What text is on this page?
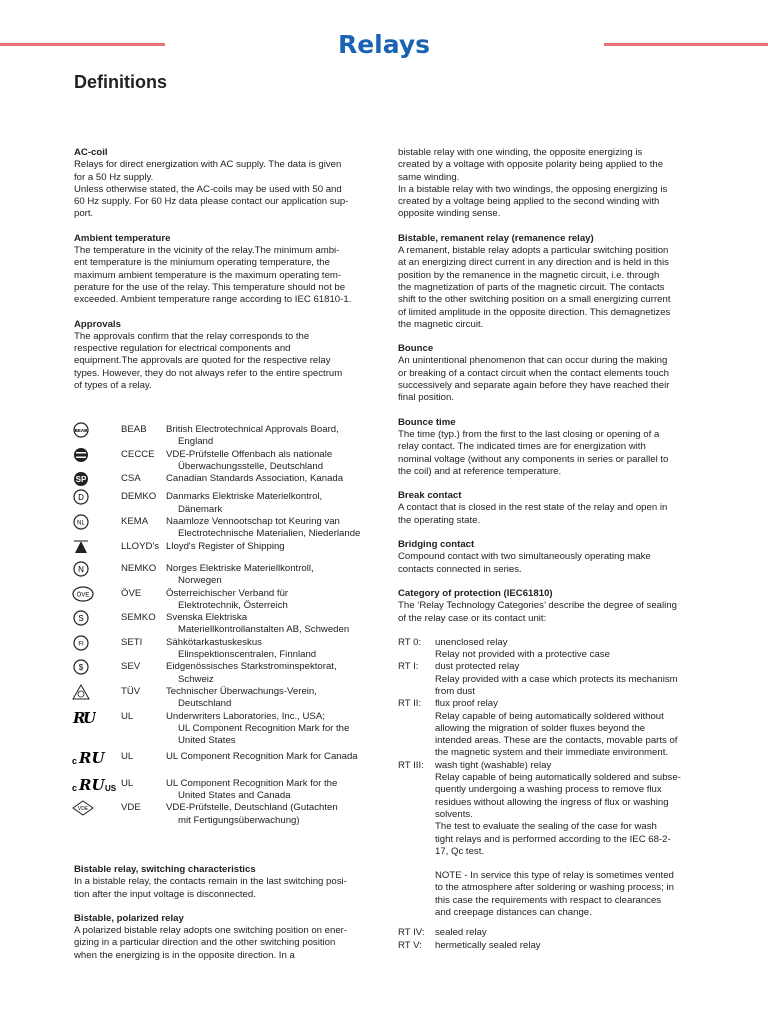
Relays
Definitions
AC-coil
Relays for direct energization with AC supply. The data is given
for a 50 Hz supply.
Unless otherwise stated, the AC-coils may be used with 50 and
60 Hz supply. For 60 Hz data please contact our application sup-
port.
Ambient temperature
The temperature in the vicinity of the relay.The minimum ambi-
ent temperature is the miniumum operating temperature, the
maximum ambient temperature is the maximum operating tem-
perature for the use of the relay. This temperature should not be
exceeded. Ambient temperature range according to IEC 61810-1.
Approvals
The approvals confirm that the relay corresponds to the
respective regulation for electrical components and
equipment.The approvals are quoted for the respective relay
types. However, they do not always refer to the entire spectrum
of types of a relay.
BEAB	BEAB British Electrotechnical Approvals Board,
England
CECCE VDE-Prüfstelle Offenbach als nationale
Überwachungsstelle, Deutschland
SP	CSA	Canadian Standards Association, Kanada
D	DEMKO Danmarks Elektriske Materielkontrol,
Dänemark
NL	KEMA Naamloze Vennootschap tot Keuring van
Electrotechnische Materialien, Niederlande
LLOYD's Lloyd's Register of Shipping
N	NEMKO Norges Elektriske Materiellkontroll,
Norwegen
ÖVE	ÖVE	Österreichischer Verband für
Elektrotechnik, Österreich
S	SEMKO Svenska Elektriska
Materiellkontrollanstalten AB, Schweden
FI	SETI Sähkötarkastuskeskus
Elinspektionscentralen, Finnland
$	SEV	Eidgenössisches Starkstrominspektorat,
Schweiz
TÜV	Technischer Überwachungs-Verein,
Deutschland
R
U	UL	Underwriters Laboratories, Inc., USA;
UL Component Recognition Mark for the
United States
c RU UL	UL Component Recognition Mark for Canada
c RU US UL	UL Component Recognition Mark for the
United States and Canada
VDE	VDE	VDE-Prüfstelle, Deutschland (Gutachten
mit Fertigungsüberwachung)
Bistable relay, switching characteristics
In a bistable relay, the contacts remain in the last switching posi-
tion after the input voltage is disconnected.
Bistable, polarized relay
A polarized bistable relay adopts one switching position on ener-
gizing in a particular direction and the other switching position
when the energizing is in the opposite direction. In a
bistable relay with one winding, the opposite energizing is
created by a voltage with opposite polarity being applied to the
same winding.
In a bistable relay with two windings, the opposing energizing is
created by a voltage being applied to the second winding with
opposite winding sense.
Bistable, remanent relay (remanence relay)
A remanent, bistable relay adopts a particular switching position
at an energizing direct current in any direction and is held in this
position by the remanence in the magnetic circuit, i.e. through
the magnetization of parts of the magnetic circuit. The contacts
shift to the other switching position on a small energizing current
of limited amplitude in the opposite direction. This demagnetizes
the magnetic circuit.
Bounce
An unintentional phenomenon that can occur during the making
or breaking of a contact circuit when the contact elements touch
successively and separate again before they have reached their
final position.
Bounce time
The time (typ.) from the first to the last closing or opening of a
relay contact. The indicated times are for energization with
nominal voltage (without any components in series or parallel to
the coil) and at reference temperature.
Break contact
A contact that is closed in the rest state of the relay and open in
the operating state.
Bridging contact
Compound contact with two simultaneously operating make
contacts connected in series.
Category of protection (IEC61810)
The ‘Relay Technology Categories’ describe the degree of sealing
of the relay case or its contact unit:
RT 0: unenclosed relay
Relay not provided with a protective case
RT I: dust protected relay
Relay provided with a case which protects its mechanism
from dust
RT II: flux proof relay
Relay capable of being automatically soldered without
allowing the migration of solder fluxes beyond the
intended areas. These are the contacts, movable parts of
the magnetic system and their immediate environment.
RT III: wash tight (washable) relay
Relay capable of being automatically soldered and subse-
quently undergoing a washing process to remove flux
residues without allowing the ingress of flux or washing
solvents.
The test to evaluate the sealing of the case for wash
tight relays and is performed according to the IEC 68-2-
17, Qc test.
NOTE - In service this type of relay is sometimes vented
to the atmosphere after soldering or washing process; in
this case the requirements with respact to clearances
and creepage distances can change.
RT IV: sealed relay
RT V: hermetically sealed relay
